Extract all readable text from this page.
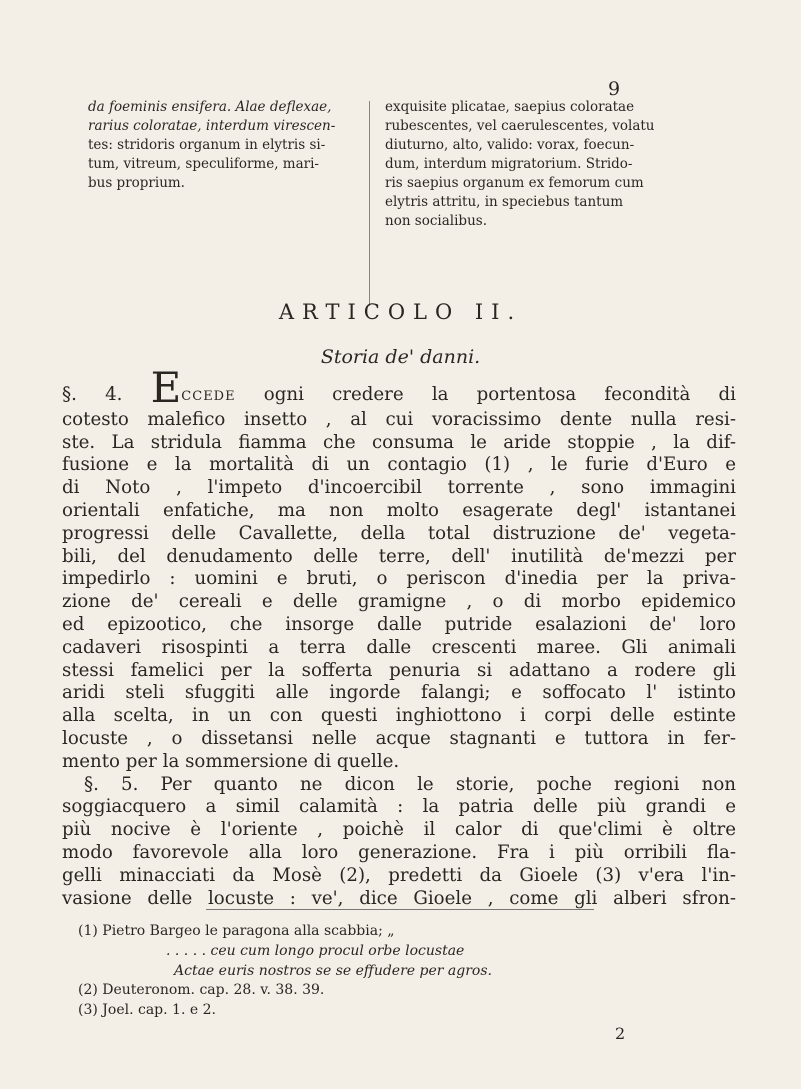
9
da foeminis ensifera. Alae deflexae,
rarius coloratae, interdum virescen-
tes: stridoris organum in elytris si-
tum, vitreum, speculiforme, mari-
bus proprium.
exquisite plicatae, saepius coloratae
rubescentes, vel caerulescentes, volatu
diuturno, alto, valido: vorax, foecun-
dum, interdum migratorium. Strido-
ris saepius organum ex femorum cum
elytris attritu, in speciebus tantum
non socialibus.
ARTICOLO II.
Storia de' danni.
§. 4. ECCEDE ogni credere la portentosa fecondità di
cotesto malefico insetto , al cui voracissimo dente nulla resi-
ste. La stridula fiamma che consuma le aride stoppie , la dif-
fusione e la mortalità di un contagio (1) , le furie d'Euro e
di Noto , l'impeto d'incoercibil torrente , sono immagini
orientali enfatiche, ma non molto esagerate degl' istantanei
progressi delle Cavallette, della total distruzione de' vegeta-
bili, del denudamento delle terre, dell' inutilità de'mezzi per
impedirlo : uomini e bruti, o periscon d'inedia per la priva-
zione de' cereali e delle gramigne , o di morbo epidemico
ed epizootico, che insorge dalle putride esalazioni de' loro
cadaveri risospinti a terra dalle crescenti maree. Gli animali
stessi famelici per la sofferta penuria si adattano a rodere gli
aridi steli sfuggiti alle ingorde falangi; e soffocato l' istinto
alla scelta, in un con questi inghiottono i corpi delle estinte
locuste , o dissetansi nelle acque stagnanti e tuttora in fer-
mento per la sommersione di quelle.
§. 5. Per quanto ne dicon le storie, poche regioni non
soggiacquero a simil calamità : la patria delle più grandi e
più nocive è l'oriente , poichè il calor di que'climi è oltre
modo favorevole alla loro generazione. Fra i più orribili fla-
gelli minacciati da Mosè (2), predetti da Gioele (3) v'era l'in-
vasione delle locuste : ve', dice Gioele , come gli alberi sfron-
(1) Pietro Bargeo le paragona alla scabbia; „
. . . . . ceu cum longo procul orbe locustae
Actae euris nostros se se effudere per agros.
(2) Deuteronom. cap. 28. v. 38. 39.
(3) Joel. cap. 1. e 2.
2
